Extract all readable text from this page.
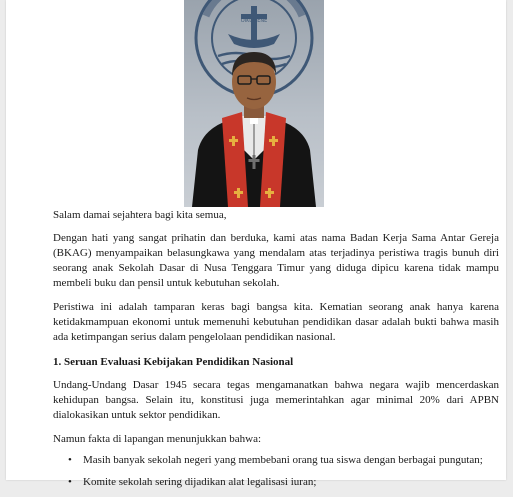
OIKUMENE

Salam damai sejahtera bagi kita semua,

Dengan hati yang sangat prihatin dan berduka, kami atas nama Badan Kerja Sama Antar Gereja (BKAG) menyampaikan belasungkawa yang mendalam atas terjadinya peristiwa tragis bunuh diri seorang anak Sekolah Dasar di Nusa Tenggara Timur yang diduga dipicu karena tidak mampu membeli buku dan pensil untuk kebutuhan sekolah.

Peristiwa ini adalah tamparan keras bagi bangsa kita. Kematian seorang anak hanya karena ketidakmampuan ekonomi untuk memenuhi kebutuhan pendidikan dasar adalah bukti bahwa masih ada ketimpangan serius dalam pengelolaan pendidikan nasional.

1. Seruan Evaluasi Kebijakan Pendidikan Nasional

Undang-Undang Dasar 1945 secara tegas mengamanatkan bahwa negara wajib mencerdaskan kehidupan bangsa. Selain itu, konstitusi juga memerintahkan agar minimal 20% dari APBN dialokasikan untuk sektor pendidikan.

Namun fakta di lapangan menunjukkan bahwa:

• Masih banyak sekolah negeri yang membebani orang tua siswa dengan berbagai pungutan;
• Komite sekolah sering dijadikan alat legalisasi iuran;
